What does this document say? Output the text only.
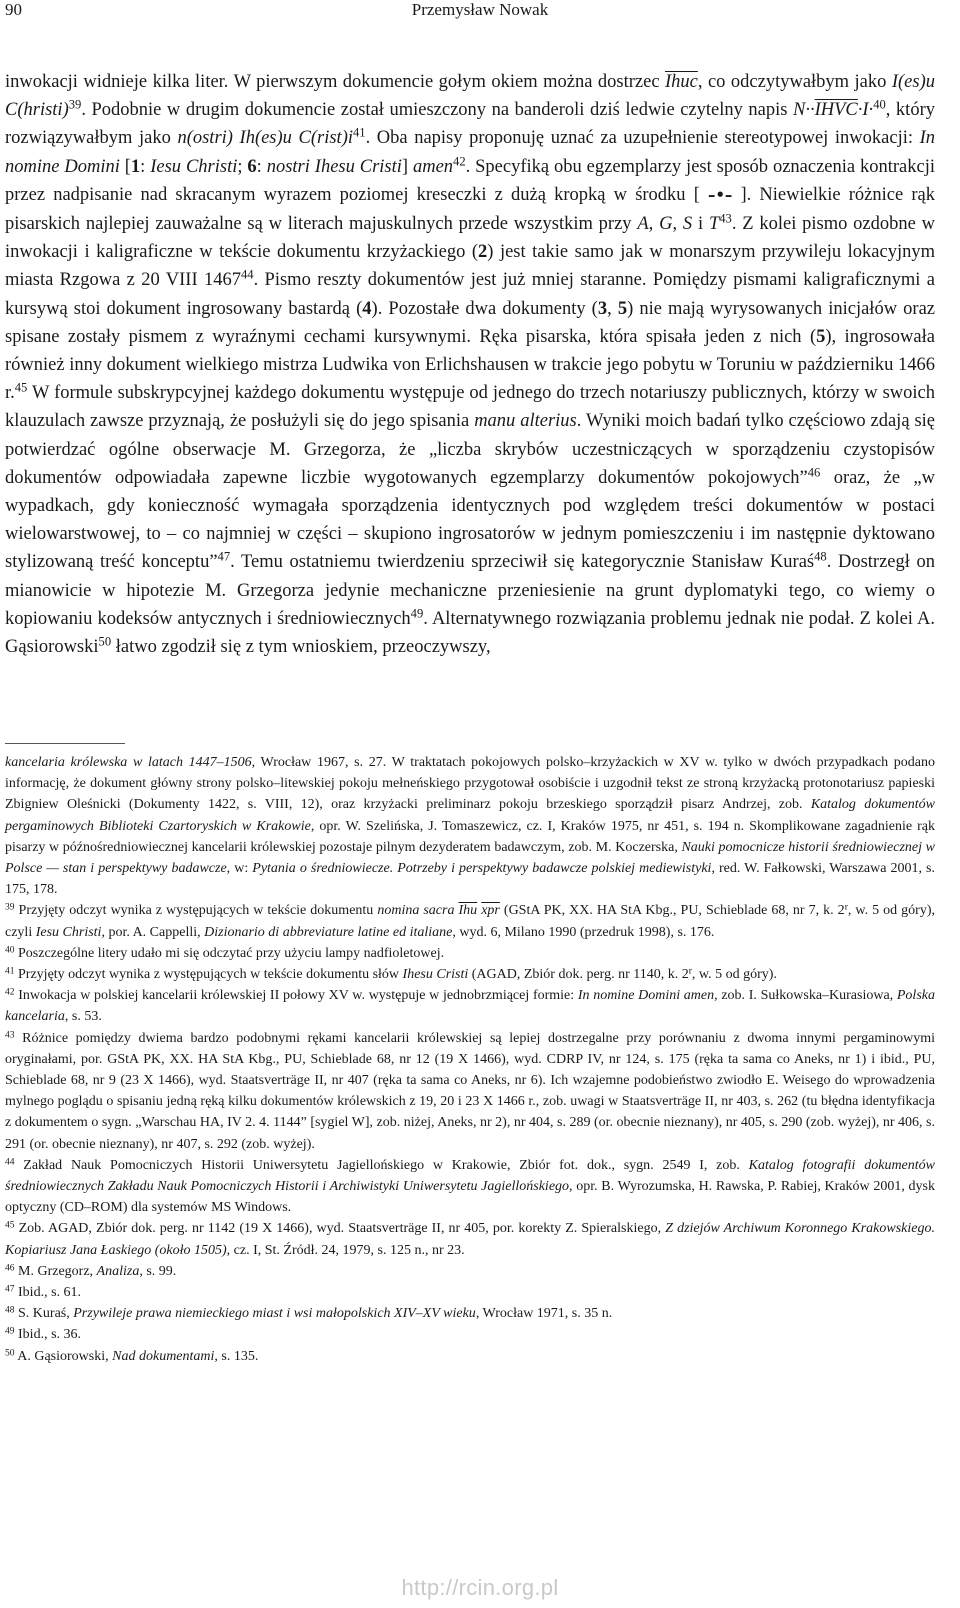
90	Przemysław Nowak

inwokacji widnieje kilka liter. W pierwszym dokumencie gołym okiem można dostrzec Ihuc, co odczytywałbym jako I(es)u C(hristi)$^{39}$. Podobnie w drugim dokumencie został umieszczony na banderoli dziś ledwie czytelny napis N··IHVC·I·$^{40}$, który rozwiązywałbym jako n(ostri) Ih(es)u $C(rist)i^{41}$. Oba napisy proponuję uznać za uzupełnienie stereotypowej inwokacji: In nomine Domini [1: Iesu Christi; 6: nostri Ihesu Cristi] amen$^{42}$. Specyfiką obu egzemplarzy jest sposób oznaczenia kontrakcji przez nadpisanie nad skracanym wyrazem poziomej kreseczki z dużą kropką w środku [ –•– ]. Niewielkie różnice rąk pisarskich najlepiej zauważalne są w literach majuskulnych przede wszystkim przy A, G, S i $T^{43}$. Z kolei pismo ozdobne w inwokacji i kaligraficzne w tekście dokumentu krzyżackiego (2) jest takie samo jak w monarszym przywileju lokacyjnym miasta Rzgowa z 20 VIII 1467$^{44}$. Pismo reszty dokumentów jest już mniej staranne. Pomiędzy pismami kaligraficznymi a kursywą stoi dokument ingrosowany bastardą (4). Pozostałe dwa dokumenty (3, 5) nie mają wyrysowanych inicjałów oraz spisane zostały pismem z wyraźnymi cechami kursywnymi. Ręka pisarska, która spisała jeden z nich (5), ingrosowała również inny dokument wielkiego mistrza Ludwika von Erlichshausen w trakcie jego pobytu w Toruniu w październiku 1466 r.$^{45}$ W formule subskrypcyjnej każdego dokumentu występuje od jednego do trzech notariuszy publicznych, którzy w swoich klauzulach zawsze przyznają, że posłużyli się do jego spisania manu alterius. Wyniki moich badań tylko częściowo zdają się potwierdzać ogólne obserwacje M. Grzegorza, że „liczba skrybów uczestniczących w sporządzeniu czystopisów dokumentów odpowiadała zapewne liczbie wygotowanych egzemplarzy dokumentów pokojowych”$^{46}$ oraz, że „w wypadkach, gdy konieczność wymagała sporządzenia identycznych pod względem treści dokumentów w postaci wielowarstwowej, to – co najmniej w części – skupiono ingrosatorów w jednym pomieszczeniu i im następnie dyktowano stylizowaną treść konceptu”$^{47}$. Temu ostatniemu twierdzeniu sprzeciwił się kategorycznie Stanisław Kuraś$^{48}$. Dostrzegł on mianowicie w hipotezie M. Grzegorza jedynie mechaniczne przeniesienie na grunt dyplomatyki tego, co wiemy o kopiowaniu kodeksów antycznych i średniowiecznych$^{49}$. Alternatywnego rozwiązania problemu jednak nie podał. Z kolei A. Gąsiorowski$^{50}$ łatwo zgodził się z tym wnioskiem, przeoczywszy,

kancelaria królewska w latach 1447–1506, Wrocław 1967, s. 27. W traktatach pokojowych polsko–krzyżackich w XV w. tylko w dwóch przypadkach podano informację, że dokument główny strony polsko–litewskiej pokoju mełneńskiego przygotował osobiście i uzgodnił tekst ze stroną krzyżacką protonotariusz papieski Zbigniew Oleśnicki (Dokumenty 1422, s. VIII, 12), oraz krzyżacki preliminarz pokoju brzeskiego sporządził pisarz Andrzej, zob. Katalog dokumentów pergaminowych Biblioteki Czartoryskich w Krakowie, opr. W. Szelińska, J. Tomaszewicz, cz. I, Kraków 1975, nr 451, s. 194 n. Skomplikowane zagadnienie rąk pisarzy w późnośredniowiecznej kancelarii królewskiej pozostaje pilnym dezyderatem badawczym, zob. M. Koczerska, Nauki pomocnicze historii średniowiecznej w Polsce — stan i perspektywy badawcze, w: Pytania o średniowiecze. Potrzeby i perspektywy badawcze polskiej mediewistyki, red. W. Fałkowski, Warszawa 2001, s. 175, 178.

$^{39}$ Przyjęty odczyt wynika z występujących w tekście dokumentu nomina sacra $\overline{Ihu}$ $\overline{xpr}$ (GStA PK, XX. HA StA Kbg., PU, Schieblade 68, nr 7, k. 2$^r$, w. 5 od góry), czyli Iesu Christi, por. A. Cappelli, Dizionario di abbreviature latine ed italiane, wyd. 6, Milano 1990 (przedruk 1998), s. 176.

$^{40}$ Poszczególne litery udało mi się odczytać przy użyciu lampy nadfioletowej.

$^{41}$ Przyjęty odczyt wynika z występujących w tekście dokumentu słów Ihesu Cristi (AGAD, Zbiór dok. perg. nr 1140, k. 2$^r$, w. 5 od góry).

$^{42}$ Inwokacja w polskiej kancelarii królewskiej II połowy XV w. występuje w jednobrzmiącej formie: In nomine Domini amen, zob. I. Sułkowska–Kurasiowa, Polska kancelaria, s. 53.

$^{43}$ Różnice pomiędzy dwiema bardzo podobnymi rękami kancelarii królewskiej są lepiej dostrzegalne przy porównaniu z dwoma innymi pergaminowymi oryginałami, por. GStA PK, XX. HA StA Kbg., PU, Schieblade 68, nr 12 (19 X 1466), wyd. CDRP IV, nr 124, s. 175 (ręka ta sama co Aneks, nr 1) i ibid., PU, Schieblade 68, nr 9 (23 X 1466), wyd. Staatsverträge II, nr 407 (ręka ta sama co Aneks, nr 6). Ich wzajemne podobieństwo zwiodło E. Weisego do wprowadzenia mylnego poglądu o spisaniu jedną ręką kilku dokumentów królewskich z 19, 20 i 23 X 1466 r., zob. uwagi w Staatsverträge II, nr 403, s. 262 (tu błędna identyfikacja z dokumentem o sygn. „Warschau HA, IV 2. 4. 1144” [sygiel W], zob. niżej, Aneks, nr 2), nr 404, s. 289 (or. obecnie nieznany), nr 405, s. 290 (zob. wyżej), nr 406, s. 291 (or. obecnie nieznany), nr 407, s. 292 (zob. wyżej).

$^{44}$ Zakład Nauk Pomocniczych Historii Uniwersytetu Jagiellońskiego w Krakowie, Zbiór fot. dok., sygn. 2549 I, zob. Katalog fotografii dokumentów średniowiecznych Zakładu Nauk Pomocniczych Historii i Archiwistyki Uniwersytetu Jagiellońskiego, opr. B. Wyrozumska, H. Rawska, P. Rabiej, Kraków 2001, dysk optyczny (CD–ROM) dla systemów MS Windows.

$^{45}$ Zob. AGAD, Zbiór dok. perg. nr 1142 (19 X 1466), wyd. Staatsverträge II, nr 405, por. korekty Z. Spieralskiego, Z dziejów Archiwum Koronnego Krakowskiego. Kopiariusz Jana Łaskiego (około 1505), cz. I, St. Źródł. 24, 1979, s. 125 n., nr 23.

$^{46}$ M. Grzegorz, Analiza, s. 99.

$^{47}$ Ibid., s. 61.

$^{48}$ S. Kuraś, Przywileje prawa niemieckiego miast i wsi małopolskich XIV–XV wieku, Wrocław 1971, s. 35 n.

$^{49}$ Ibid., s. 36.

$^{50}$ A. Gąsiorowski, Nad dokumentami, s. 135.

http://rcin.org.pl
